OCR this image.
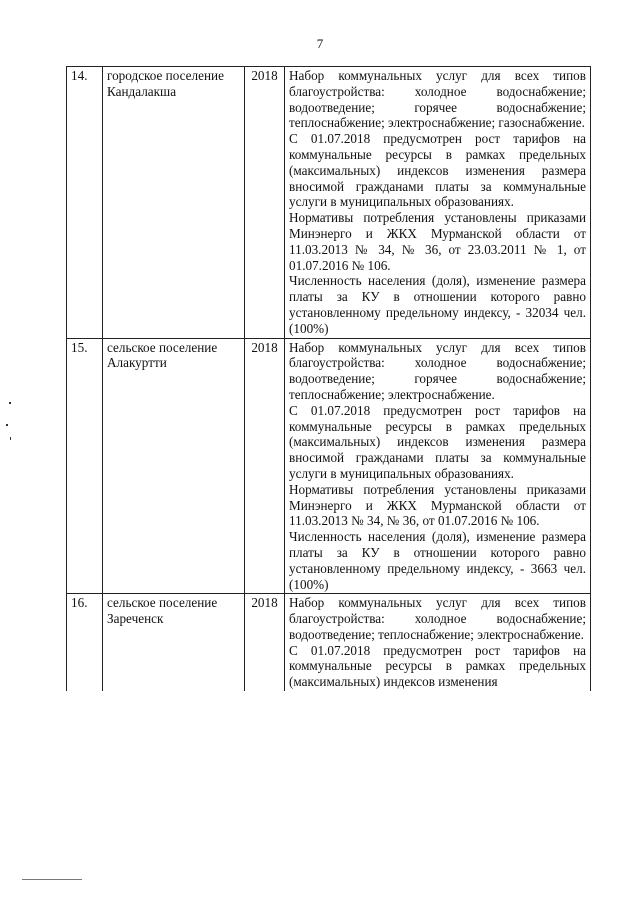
7
14.	городское поселение Кандалакша	2018	Набор коммунальных услуг для всех типов благоустройства: холодное водоснабжение; водоотведение; горячее водоснабжение; теплоснабжение; электроснабжение; газоснабжение.

С 01.07.2018 предусмотрен рост тарифов на коммунальные ресурсы в рамках предельных (максимальных) индексов изменения размера вносимой гражданами платы за коммунальные услуги в муниципальных образованиях.

Нормативы потребления установлены приказами Минэнерго и ЖКХ Мурманской области от 11.03.2013 № 34, № 36, от 23.03.2011 № 1, от 01.07.2016 № 106.

Численность населения (доля), изменение размера платы за КУ в отношении которого равно установленному предельному индексу, - 32034 чел. (100%)

15.	сельское поселение Алакуртти	2018	Набор коммунальных услуг для всех типов благоустройства: холодное водоснабжение; водоотведение; горячее водоснабжение; теплоснабжение; электроснабжение.

С 01.07.2018 предусмотрен рост тарифов на коммунальные ресурсы в рамках предельных (максимальных) индексов изменения размера вносимой гражданами платы за коммунальные услуги в муниципальных образованиях.

Нормативы потребления установлены приказами Минэнерго и ЖКХ Мурманской области от 11.03.2013 № 34, № 36, от 01.07.2016 № 106.

Численность населения (доля), изменение размера платы за КУ в отношении которого равно установленному предельному индексу, - 3663 чел. (100%)

16.	сельское поселение Зареченск	2018	Набор коммунальных услуг для всех типов благоустройства: холодное водоснабжение; водоотведение; теплоснабжение; электроснабжение.

С 01.07.2018 предусмотрен рост тарифов на коммунальные ресурсы в рамках предельных (максимальных) индексов изменения
